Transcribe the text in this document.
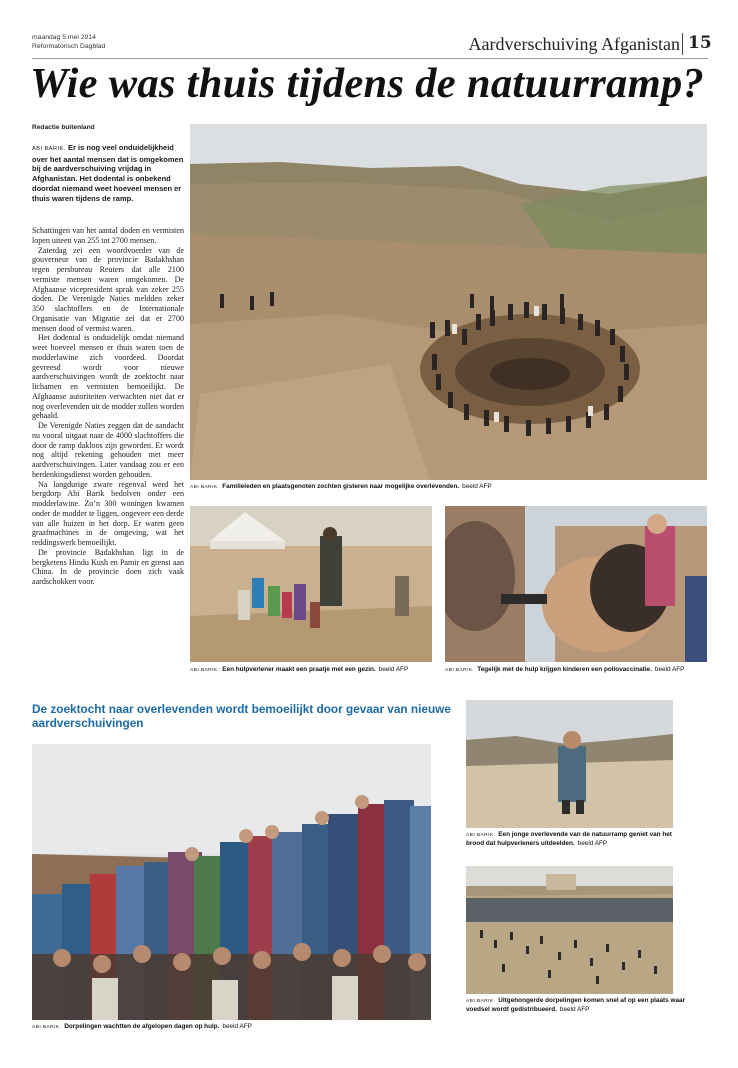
maandag 5 mei 2014
Reformatorisch Dagblad	Aardverschuiving Afganistan 15
Wie was thuis tijdens de natuurramp?
Redactie buitenland
ABI BARIK. Er is nog veel onduidelijkheid over het aantal mensen dat is omgekomen bij de aardverschuiving vrijdag in Afghanistan. Het dodental is onbekend doordat niemand weet hoeveel mensen er thuis waren tijdens de ramp.

Schattingen van het aantal doden en vermisten lopen uiteen van 255 tot 2700 mensen.

Zaterdag zei een woordvoerder van de gouverneur van de provincie Badakhshan tegen persbureau Reuters dat alle 2100 vermiste mensen waren omgekomen. De Afghaanse vicepresident sprak van zeker 255 doden. De Verenigde Naties meldden zeker 350 slachtoffers en de Internationale Organisatie van Migratie zei dat er 2700 mensen dood of vermist waren.

Het dodental is onduidelijk omdat niemand weet hoeveel mensen er thuis waren toen de modderlawine zich voordeed. Doordat gevreesd wordt voor nieuwe aardverschuivingen wordt de zoektocht naar lichamen en vermisten bemoeilijkt. De Afghaanse autoriteiten verwachten niet dat er nog overlevenden uit de modder zullen worden gehaald.

De Verenigde Naties zeggen dat de aandacht nu vooral uitgaat naar de 4000 slachtoffers die door de ramp dakloos zijn geworden. Er wordt nog altijd rekening gehouden met meer aardverschuivingen. Later vandaag zou er een herdenkingsdienst worden gehouden.

Na langdurige zware regenval werd het bergdorp Abi Barik bedolven onder een modderlawine. Zo’n 300 woningen kwamen onder de modder te liggen, ongeveer een derde van alle huizen in het dorp. Er waren geen graafmachines in de omgeving, wat het reddingswerk bemoeilijkt.

De provincie Badakhshan ligt in de bergketens Hindu Kush en Pamir en grenst aan China. In de provincie doen zich vaak aardschokken voor.

ABI BARIK. Familieleden en plaatsgenoten zochten gisteren naar mogelijke overlevenden. beeld AFP
ABI BARIK. Een hulpverlener maakt een praatje met een gezin. beeld AFP	ABI BARIK. Tegelijk met de hulp krijgen kinderen een poliovaccinatie. beeld AFP
De zoektocht naar overlevenden wordt bemoeilijkt door gevaar van nieuwe aardverschuivingen
ABI BARIK. Dorpelingen wachtten de afgelopen dagen op hulp. beeld AFP
ABI BARIK. Een jonge overlevende van de natuurramp geniet van het brood dat hulpverleners uitdeelden. beeld AFP
ABI BARIK. Uitgehongerde dorpelingen komen snel af op een plaats waar voedsel wordt gedistribueerd. beeld AFP
